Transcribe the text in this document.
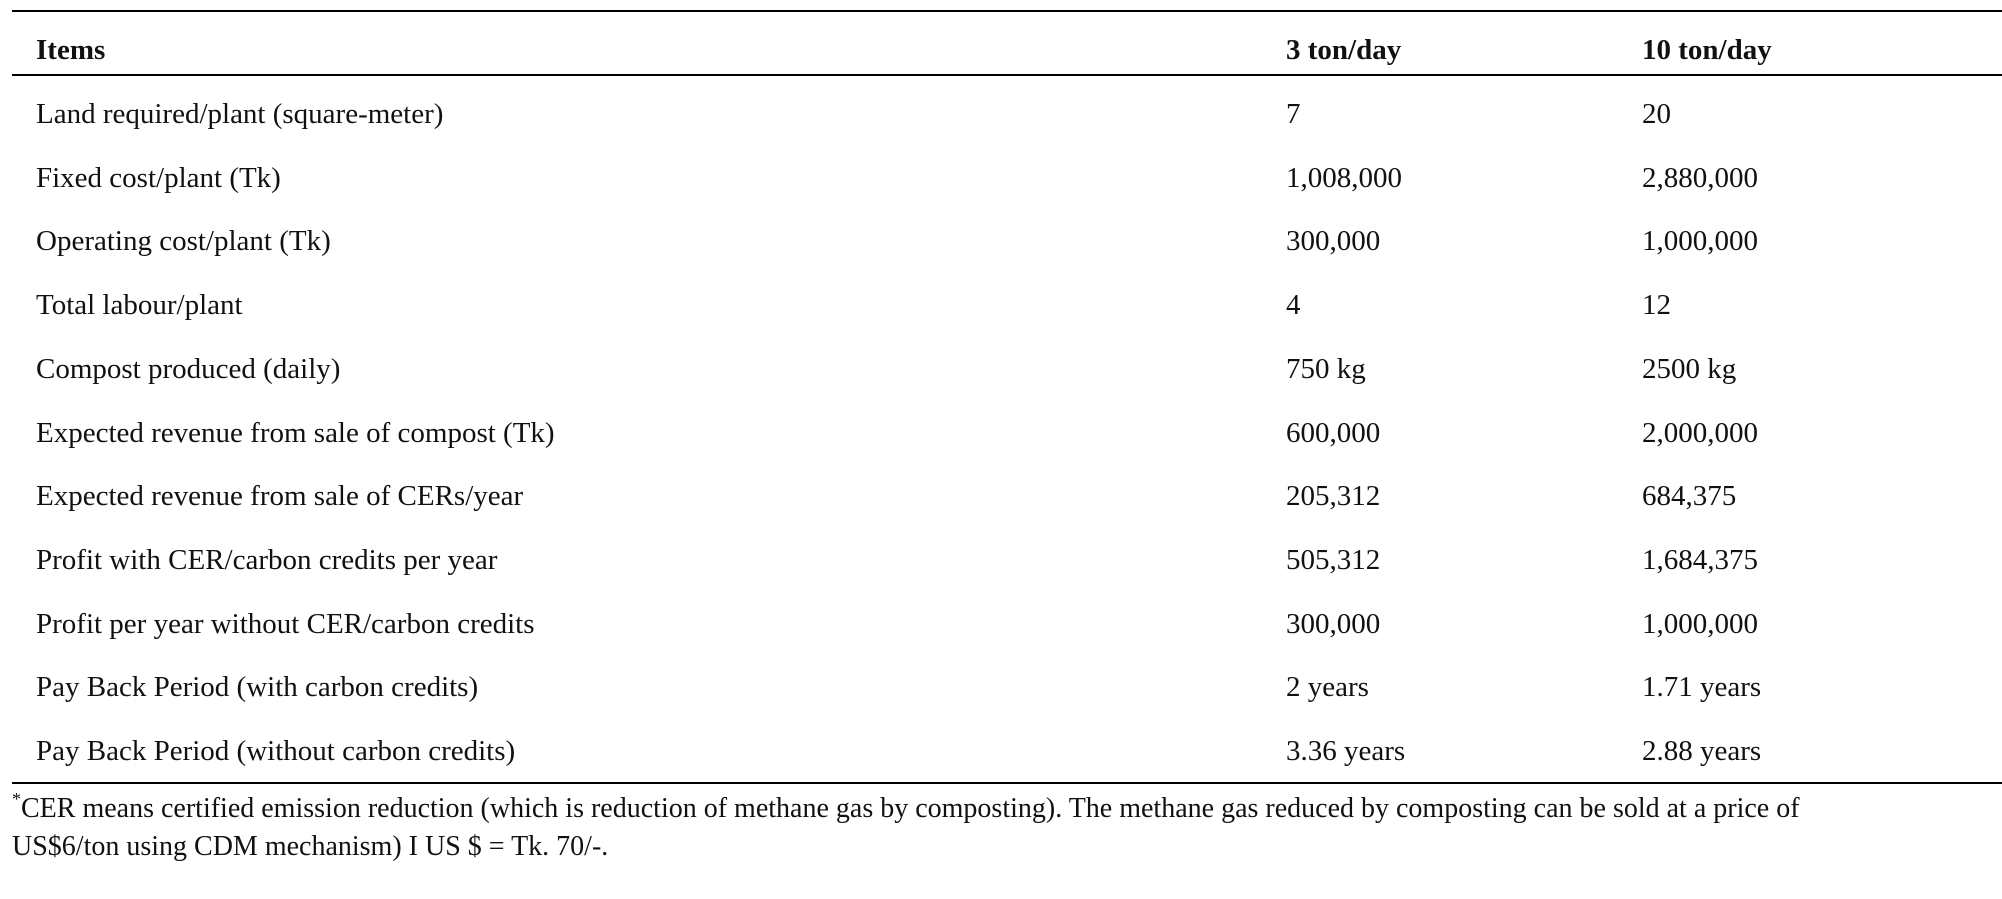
Items	3 ton/day	10 ton/day
Land required/plant (square-meter)	7	20
Fixed cost/plant (Tk)	1,008,000	2,880,000
Operating cost/plant (Tk)	300,000	1,000,000
Total labour/plant	4	12
Compost produced (daily)	750 kg	2500 kg
Expected revenue from sale of compost (Tk)	600,000	2,000,000
Expected revenue from sale of CERs/year	205,312	684,375
Profit with CER/carbon credits per year	505,312	1,684,375
Profit per year without CER/carbon credits	300,000	1,000,000
Pay Back Period (with carbon credits)	2 years	1.71 years
Pay Back Period (without carbon credits)	3.36 years	2.88 years
*CER means certified emission reduction (which is reduction of methane gas by composting). The methane gas reduced by composting can be sold at a price of
US$6/ton using CDM mechanism) I US $ = Tk. 70/-.
